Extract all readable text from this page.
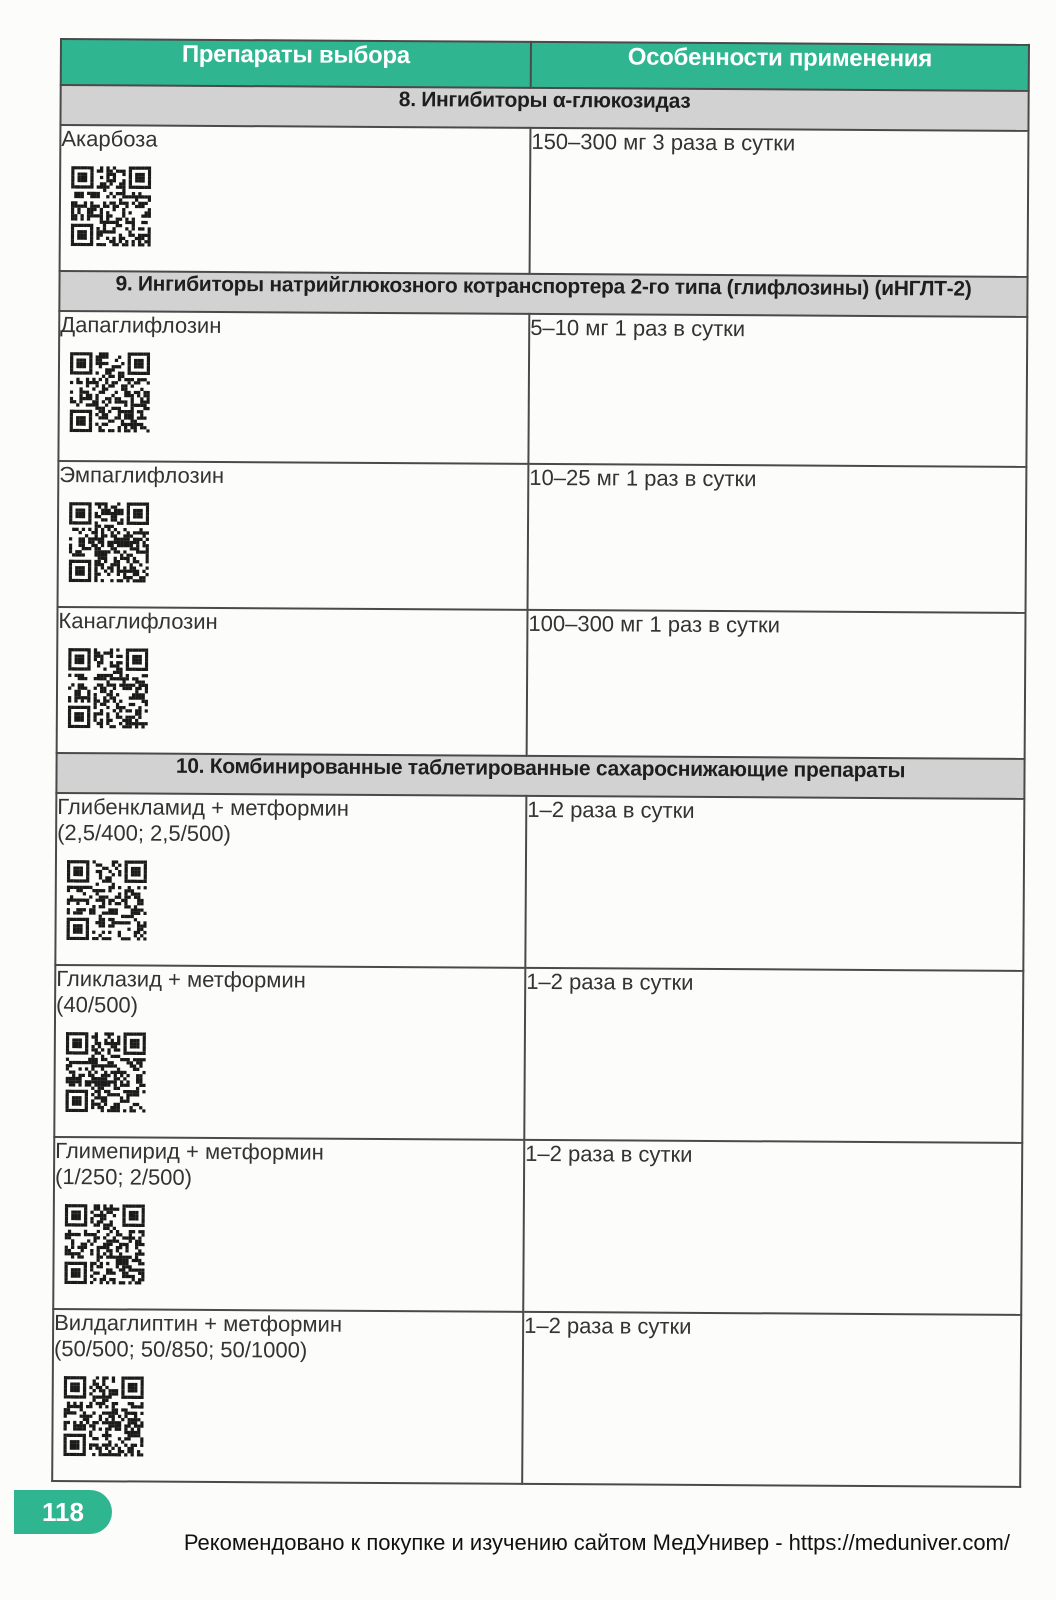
Препараты выбора	Особенности применения
8. Ингибиторы α-глюкозидаз	

Акарбоза	150–300 мг 3 раза в сутки
9. Ингибиторы натрийглюкозного котранспортера 2-го типа (глифлозины) (иНГЛТ-2)	

Дапаглифлозин	5–10 мг 1 раз в сутки

Эмпаглифлозин	10–25 мг 1 раз в сутки

Канаглифлозин	100–300 мг 1 раз в сутки
10. Комбинированные таблетированные сахароснижающие препараты	

Глибенкламид + метформин
(2,5/400; 2,5/500)	1–2 раза в сутки

Гликлазид + метформин
(40/500)	1–2 раза в сутки

Глимепирид + метформин
(1/250; 2/500)	1–2 раза в сутки

Вилдаглиптин + метформин
(50/500; 50/850; 50/1000)	1–2 раза в сутки
118
Рекомендовано к покупке и изучению сайтом МедУнивер - https://meduniver.com/
